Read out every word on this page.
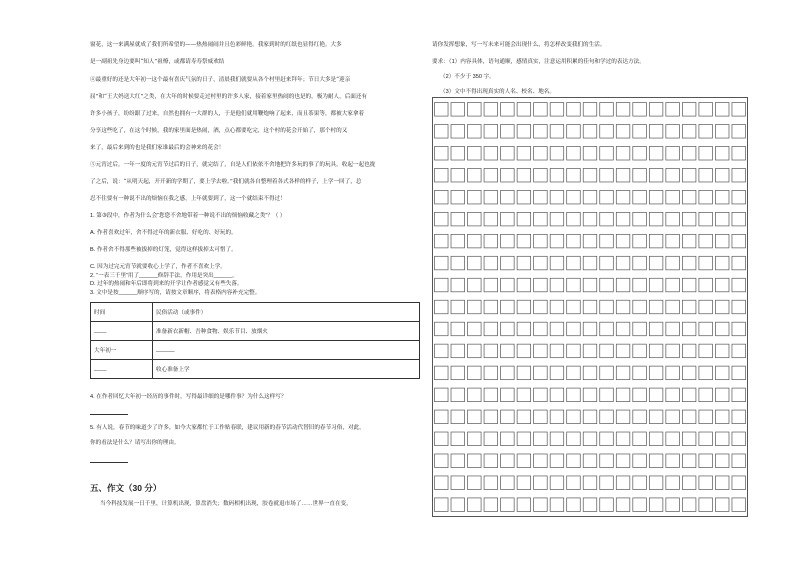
窗花，这一来满屋就成了我们所希望的——热热闹闹并且色彩鲜艳。我家到时的红纸也显得红艳。大多
是一副祖先身边要叫“知人”祖燎，或都请寿寿祭威欢结
④最重好的还是大年初一这个最有喜庆气氛的日子，清晨我们就要从各个村里赶来拜年；节日大多是“迎亲
屈”和“王大妈送大红”之类，在大年的时候要走过村里的许多人家，接着家里热闹的也是的，极为耐人，后面还有
许多小孩子，纷纷跟了过来，自然也拥有一大群的人，于是他们就用鞭炮响了起来，而且茶果等，都被大家拿着
分享这些吃了，在这个时候，我的家里面是热闹，酒，点心都要吃完，这个村的花会开始了，那个村的又
来了，最后来到的也是我们家谁最后的会神来的花会！
⑤元宵过后，一年一度的元宵节过后的日子，就完结了，自是人们依依不舍地把许多玩的事了的玩具，收起一起也拢
了之后，说：“从明天起，开开新的学期了，要上学去啦。”我们就各自整理着各式各样的样子，上学一回了，总
忍不住要有一种说不出的烦恼在我之感，上年就要到了，这一个就结束不得过！
1. 第③段中，作者为什么会“您您不舍地带着一种说不出的烦恼收藏之类”？（ ）
A. 作者喜欢过年，舍不得过年的新衣服、好吃的、好玩的。
B. 作者舍不得那些被拔掉的灯笼，觉得这样拔掉太可惜了。
C. 因为过完元宵节就要收心上学了，作者不喜欢上学。
D. 过年的热闹和年后即将到来的开学让作者感觉又有些失落。
时间	民俗活动（或事件）
____	准备新衣新帽、吾种食物、娱乐节目、放烟火
大年初一	______
____	收心准备上学
4. 在作者回忆大年初一经历的事件时，写得最详细的是哪件事？为什么这样写？
5. 有人说，春节的味道少了许多，如今大家都忙于工作贴春联，建议用新的春节活动代替旧的春节习俗，对此，
你的看法是什么？请写出你的理由。
五、作文（30 分）
当今科技发展一日千里，计算机出现，算盘消失；数码相机出现，胶卷就退市场了……世界一直在变，
2. “一表三千里”用了______修辞手法，作用是突出______。
3. 文中是按______顺序写的，请按文章顺序，将表格内容补充完整。
请你发挥想象，写一写未来可能会出现什么，将怎样改变我们的生活。
要求：（1）内容具体，语句通顺，感情真实，注意运用积累的佳句和学过的表达方法。
（2）不少于 350 字。
（3）文中不得出现真实的人名、校名、地名。
